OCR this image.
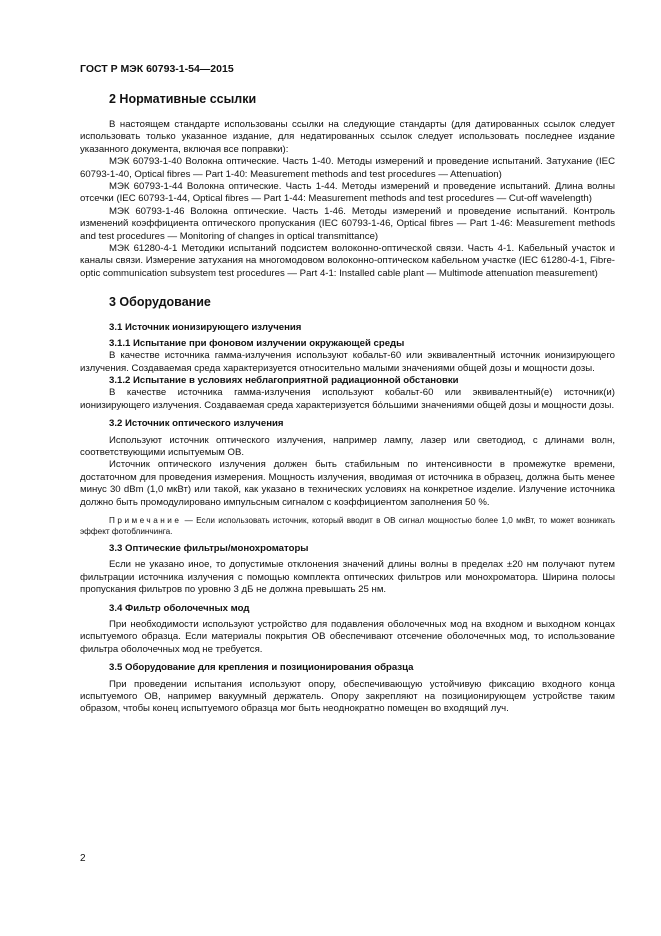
ГОСТ Р МЭК 60793-1-54—2015

2 Нормативные ссылки

В настоящем стандарте использованы ссылки на следующие стандарты (для датированных ссылок следует использовать только указанное издание, для недатированных ссылок следует использовать последнее издание указанного документа, включая все поправки):

МЭК 60793-1-40 Волокна оптические. Часть 1-40. Методы измерений и проведение испытаний. Затухание (IEC 60793-1-40, Optical fibres — Part 1-40: Measurement methods and test procedures — Attenuation)

МЭК 60793-1-44 Волокна оптические. Часть 1-44. Методы измерений и проведение испытаний. Длина волны отсечки (IEC 60793-1-44, Optical fibres — Part 1-44: Measurement methods and test procedures — Cut-off wavelength)

МЭК 60793-1-46 Волокна оптические. Часть 1-46. Методы измерений и проведение испытаний. Контроль изменений коэффициента оптического пропускания (IEC 60793-1-46, Optical fibres — Part 1-46: Measurement methods and test procedures — Monitoring of changes in optical transmittance)

МЭК 61280-4-1 Методики испытаний подсистем волоконно-оптической связи. Часть 4-1. Кабельный участок и каналы связи. Измерение затухания на многомодовом волоконно-оптическом кабельном участке (IEC 61280-4-1, Fibre-optic communication subsystem test procedures — Part 4-1: Installed cable plant — Multimode attenuation measurement)

3 Оборудование

3.1 Источник ионизирующего излучения

3.1.1 Испытание при фоновом излучении окружающей среды

В качестве источника гамма-излучения используют кобальт-60 или эквивалентный источник ионизирующего излучения. Создаваемая среда характеризуется относительно малыми значениями общей дозы и мощности дозы.

3.1.2 Испытание в условиях неблагоприятной радиационной обстановки

В качестве источника гамма-излучения используют кобальт-60 или эквивалентный(е) источник(и) ионизирующего излучения. Создаваемая среда характеризуется бо́льшими значениями общей дозы и мощности дозы.

3.2 Источник оптического излучения

Используют источник оптического излучения, например лампу, лазер или светодиод, с длинами волн, соответствующими испытуемым ОВ.

Источник оптического излучения должен быть стабильным по интенсивности в промежутке времени, достаточном для проведения измерения. Мощность излучения, вводимая от источника в образец, должна быть менее минус 30 dBm (1,0 мкВт) или такой, как указано в технических условиях на конкретное изделие. Излучение источника должно быть промодулировано импульсным сигналом с коэффициентом заполнения 50 %.

Примечание — Если использовать источник, который вводит в ОВ сигнал мощностью более 1,0 мкВт, то может возникать эффект фотоблинчинга.

3.3 Оптические фильтры/монохроматоры

Если не указано иное, то допустимые отклонения значений длины волны в пределах ±20 нм получают путем фильтрации источника излучения с помощью комплекта оптических фильтров или монохроматора. Ширина полосы пропускания фильтров по уровню 3 дБ не должна превышать 25 нм.

3.4 Фильтр оболочечных мод

При необходимости используют устройство для подавления оболочечных мод на входном и выходном концах испытуемого образца. Если материалы покрытия ОВ обеспечивают отсечение оболочечных мод, то использование фильтра оболочечных мод не требуется.

3.5 Оборудование для крепления и позиционирования образца

При проведении испытания используют опору, обеспечивающую устойчивую фиксацию входного конца испытуемого ОВ, например вакуумный держатель. Опору закрепляют на позиционирующем устройстве таким образом, чтобы конец испытуемого образца мог быть неоднократно помещен во входящий луч.

2
